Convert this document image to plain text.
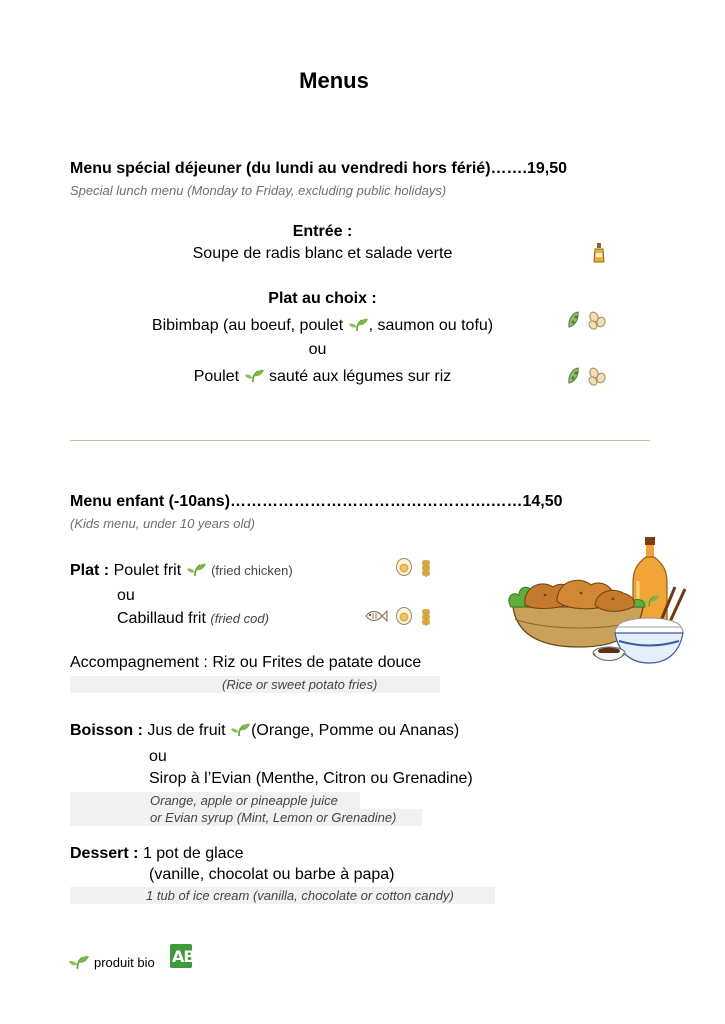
Menus
Menu spécial déjeuner (du lundi au vendredi hors férié)…….19,50
Special lunch menu (Monday to Friday, excluding public holidays)
Entrée :
Soupe de radis blanc et salade verte
Plat au choix :
Bibimbap (au boeuf, poulet , saumon ou tofu)
ou
Poulet sauté aux légumes sur riz
Menu enfant (-10ans)………………………………………….……14,50
(Kids menu, under 10 years old)
Plat : Poulet frit (fried chicken)
ou
Cabillaud frit (fried cod)
Accompagnement : Riz ou Frites de patate douce
(Rice or sweet potato fries)
Boisson : Jus de fruit (Orange, Pomme ou Ananas)
ou
Sirop à l’Evian (Menthe, Citron ou Grenadine)
Orange, apple or pineapple juice
or Evian syrup (Mint, Lemon or Grenadine)
Dessert : 1 pot de glace
(vanille, chocolat ou barbe à papa)
1 tub of ice cream (vanilla, chocolate or cotton candy)
produit bio AB
